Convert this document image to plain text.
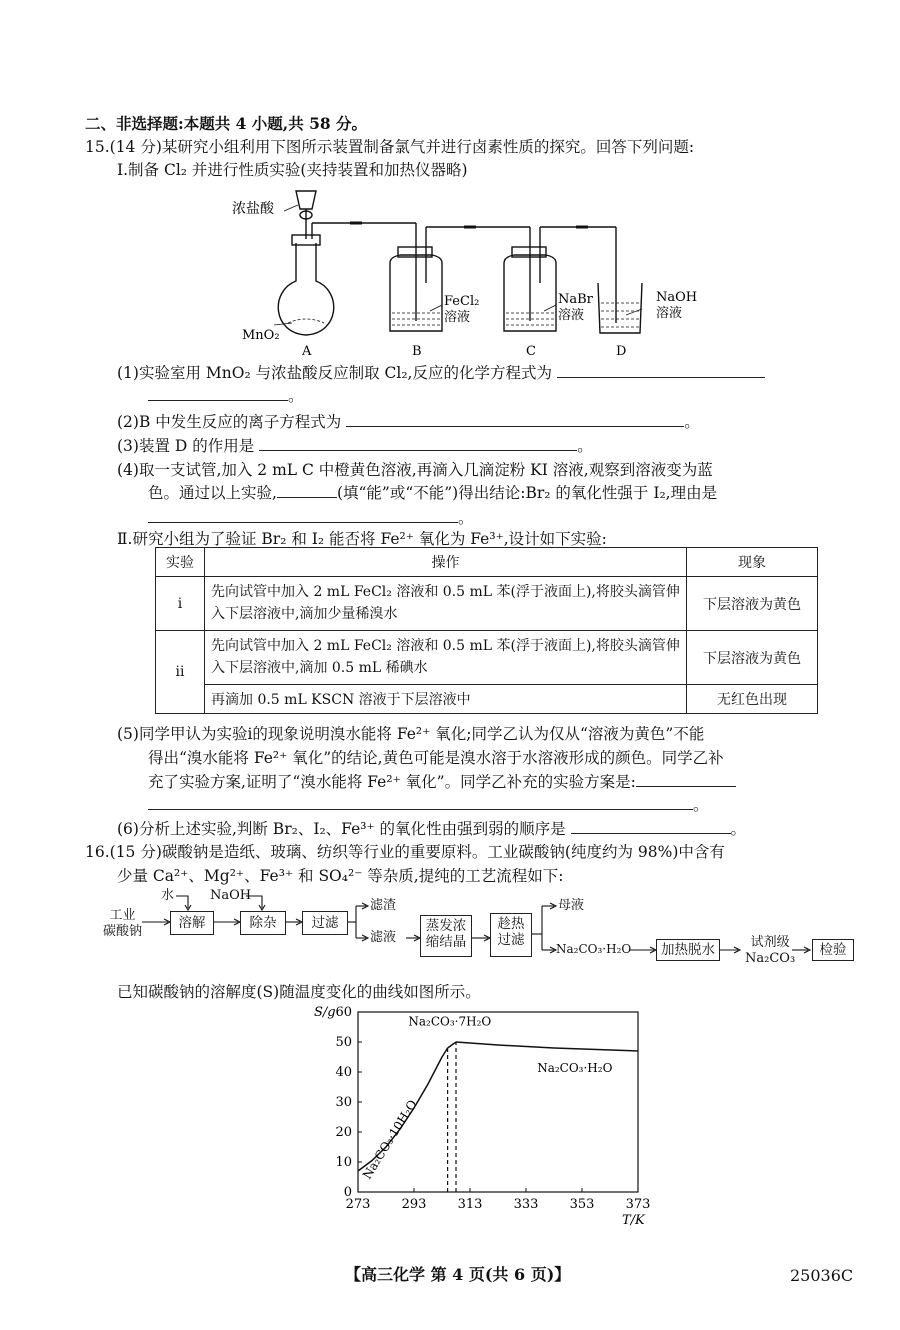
二、非选择题:本题共 4 小题,共 58 分。
15.(14 分)某研究小组利用下图所示装置制备氯气并进行卤素性质的探究。回答下列问题:
Ⅰ.制备 Cl₂ 并进行性质实验(夹持装置和加热仪器略)
浓盐酸
MnO₂
A	B	C	D
FeCl₂
溶液
NaBr
溶液
NaOH
溶液
(1)实验室用 MnO₂ 与浓盐酸反应制取 Cl₂,反应的化学方程式为
。
(2)B 中发生反应的离子方程式为	。
(3)装置 D 的作用是	。
(4)取一支试管,加入 2 mL C 中橙黄色溶液,再滴入几滴淀粉 KI 溶液,观察到溶液变为蓝
色。通过以上实验,	(填“能”或“不能”)得出结论:Br₂ 的氧化性强于 I₂,理由是
。
Ⅱ.研究小组为了验证 Br₂ 和 I₂ 能否将 Fe²⁺ 氧化为 Fe³⁺,设计如下实验:
实验	操作	现象
ⅰ	先向试管中加入 2 mL FeCl₂ 溶液和 0.5 mL 苯(浮于液面上),将胶头滴管伸入下层溶液中,滴加少量稀溴水	下层溶液为黄色
ⅱ	先向试管中加入 2 mL FeCl₂ 溶液和 0.5 mL 苯(浮于液面上),将胶头滴管伸入下层溶液中,滴加 0.5 mL 稀碘水	下层溶液为黄色
	再滴加 0.5 mL KSCN 溶液于下层溶液中	无红色出现
(5)同学甲认为实验ⅰ的现象说明溴水能将 Fe²⁺ 氧化;同学乙认为仅从“溶液为黄色”不能
得出“溴水能将 Fe²⁺ 氧化”的结论,黄色可能是溴水溶于水溶液形成的颜色。同学乙补
充了实验方案,证明了“溴水能将 Fe²⁺ 氧化”。同学乙补充的实验方案是:
。
(6)分析上述实验,判断 Br₂、I₂、Fe³⁺ 的氧化性由强到弱的顺序是	。
16.(15 分)碳酸钠是造纸、玻璃、纺织等行业的重要原料。工业碳酸钠(纯度约为 98%)中含有
少量 Ca²⁺、Mg²⁺、Fe³⁺ 和 SO₄²⁻ 等杂质,提纯的工艺流程如下:
工业
碳酸钠
水	NaOH
溶解	除杂	过滤
滤渣
滤液
蒸发浓缩结晶
趁热过滤
母液
Na₂CO₃·H₂O	加热脱水	试剂级
Na₂CO₃
检验
已知碳酸钠的溶解度(S)随温度变化的曲线如图所示。
273 293 313 333 353 373
0
10
20
30
40
50
60
S/g
T/K
Na₂CO₃·10H₂O
Na₂CO₃·7H₂O
Na₂CO₃·H₂O
【高三化学 第 4 页(共 6 页)】	25036C
